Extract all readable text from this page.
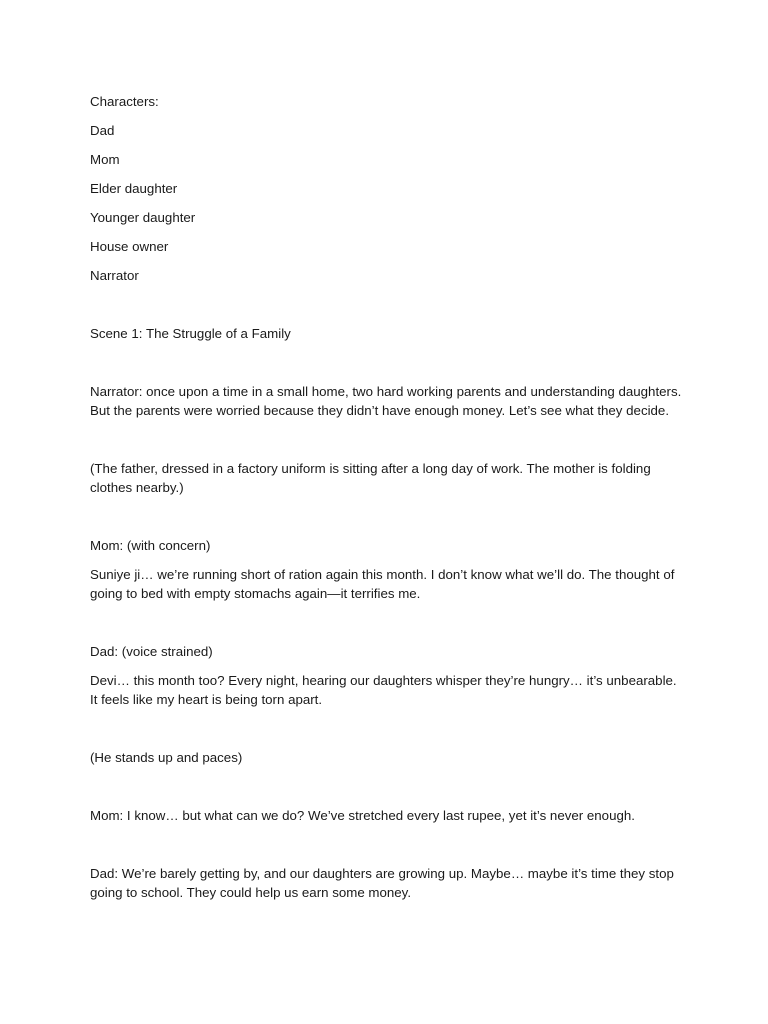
Characters:

Dad

Mom

Elder daughter

Younger daughter

House owner

Narrator

Scene 1: The Struggle of a Family

Narrator: once upon a time in a small home, two hard working parents and understanding daughters. But the parents were worried because they didn’t have enough money. Let’s see what they decide.

(The father, dressed in a factory uniform is sitting after a long day of work. The mother is folding clothes nearby.)

Mom: (with concern)

Suniye ji… we’re running short of ration again this month. I don’t know what we’ll do. The thought of going to bed with empty stomachs again—it terrifies me.

Dad: (voice strained)

Devi… this month too? Every night, hearing our daughters whisper they’re hungry… it’s unbearable. It feels like my heart is being torn apart.

(He stands up and paces)

Mom: I know… but what can we do? We’ve stretched every last rupee, yet it’s never enough.

Dad: We’re barely getting by, and our daughters are growing up. Maybe… maybe it’s time they stop going to school. They could help us earn some money.
